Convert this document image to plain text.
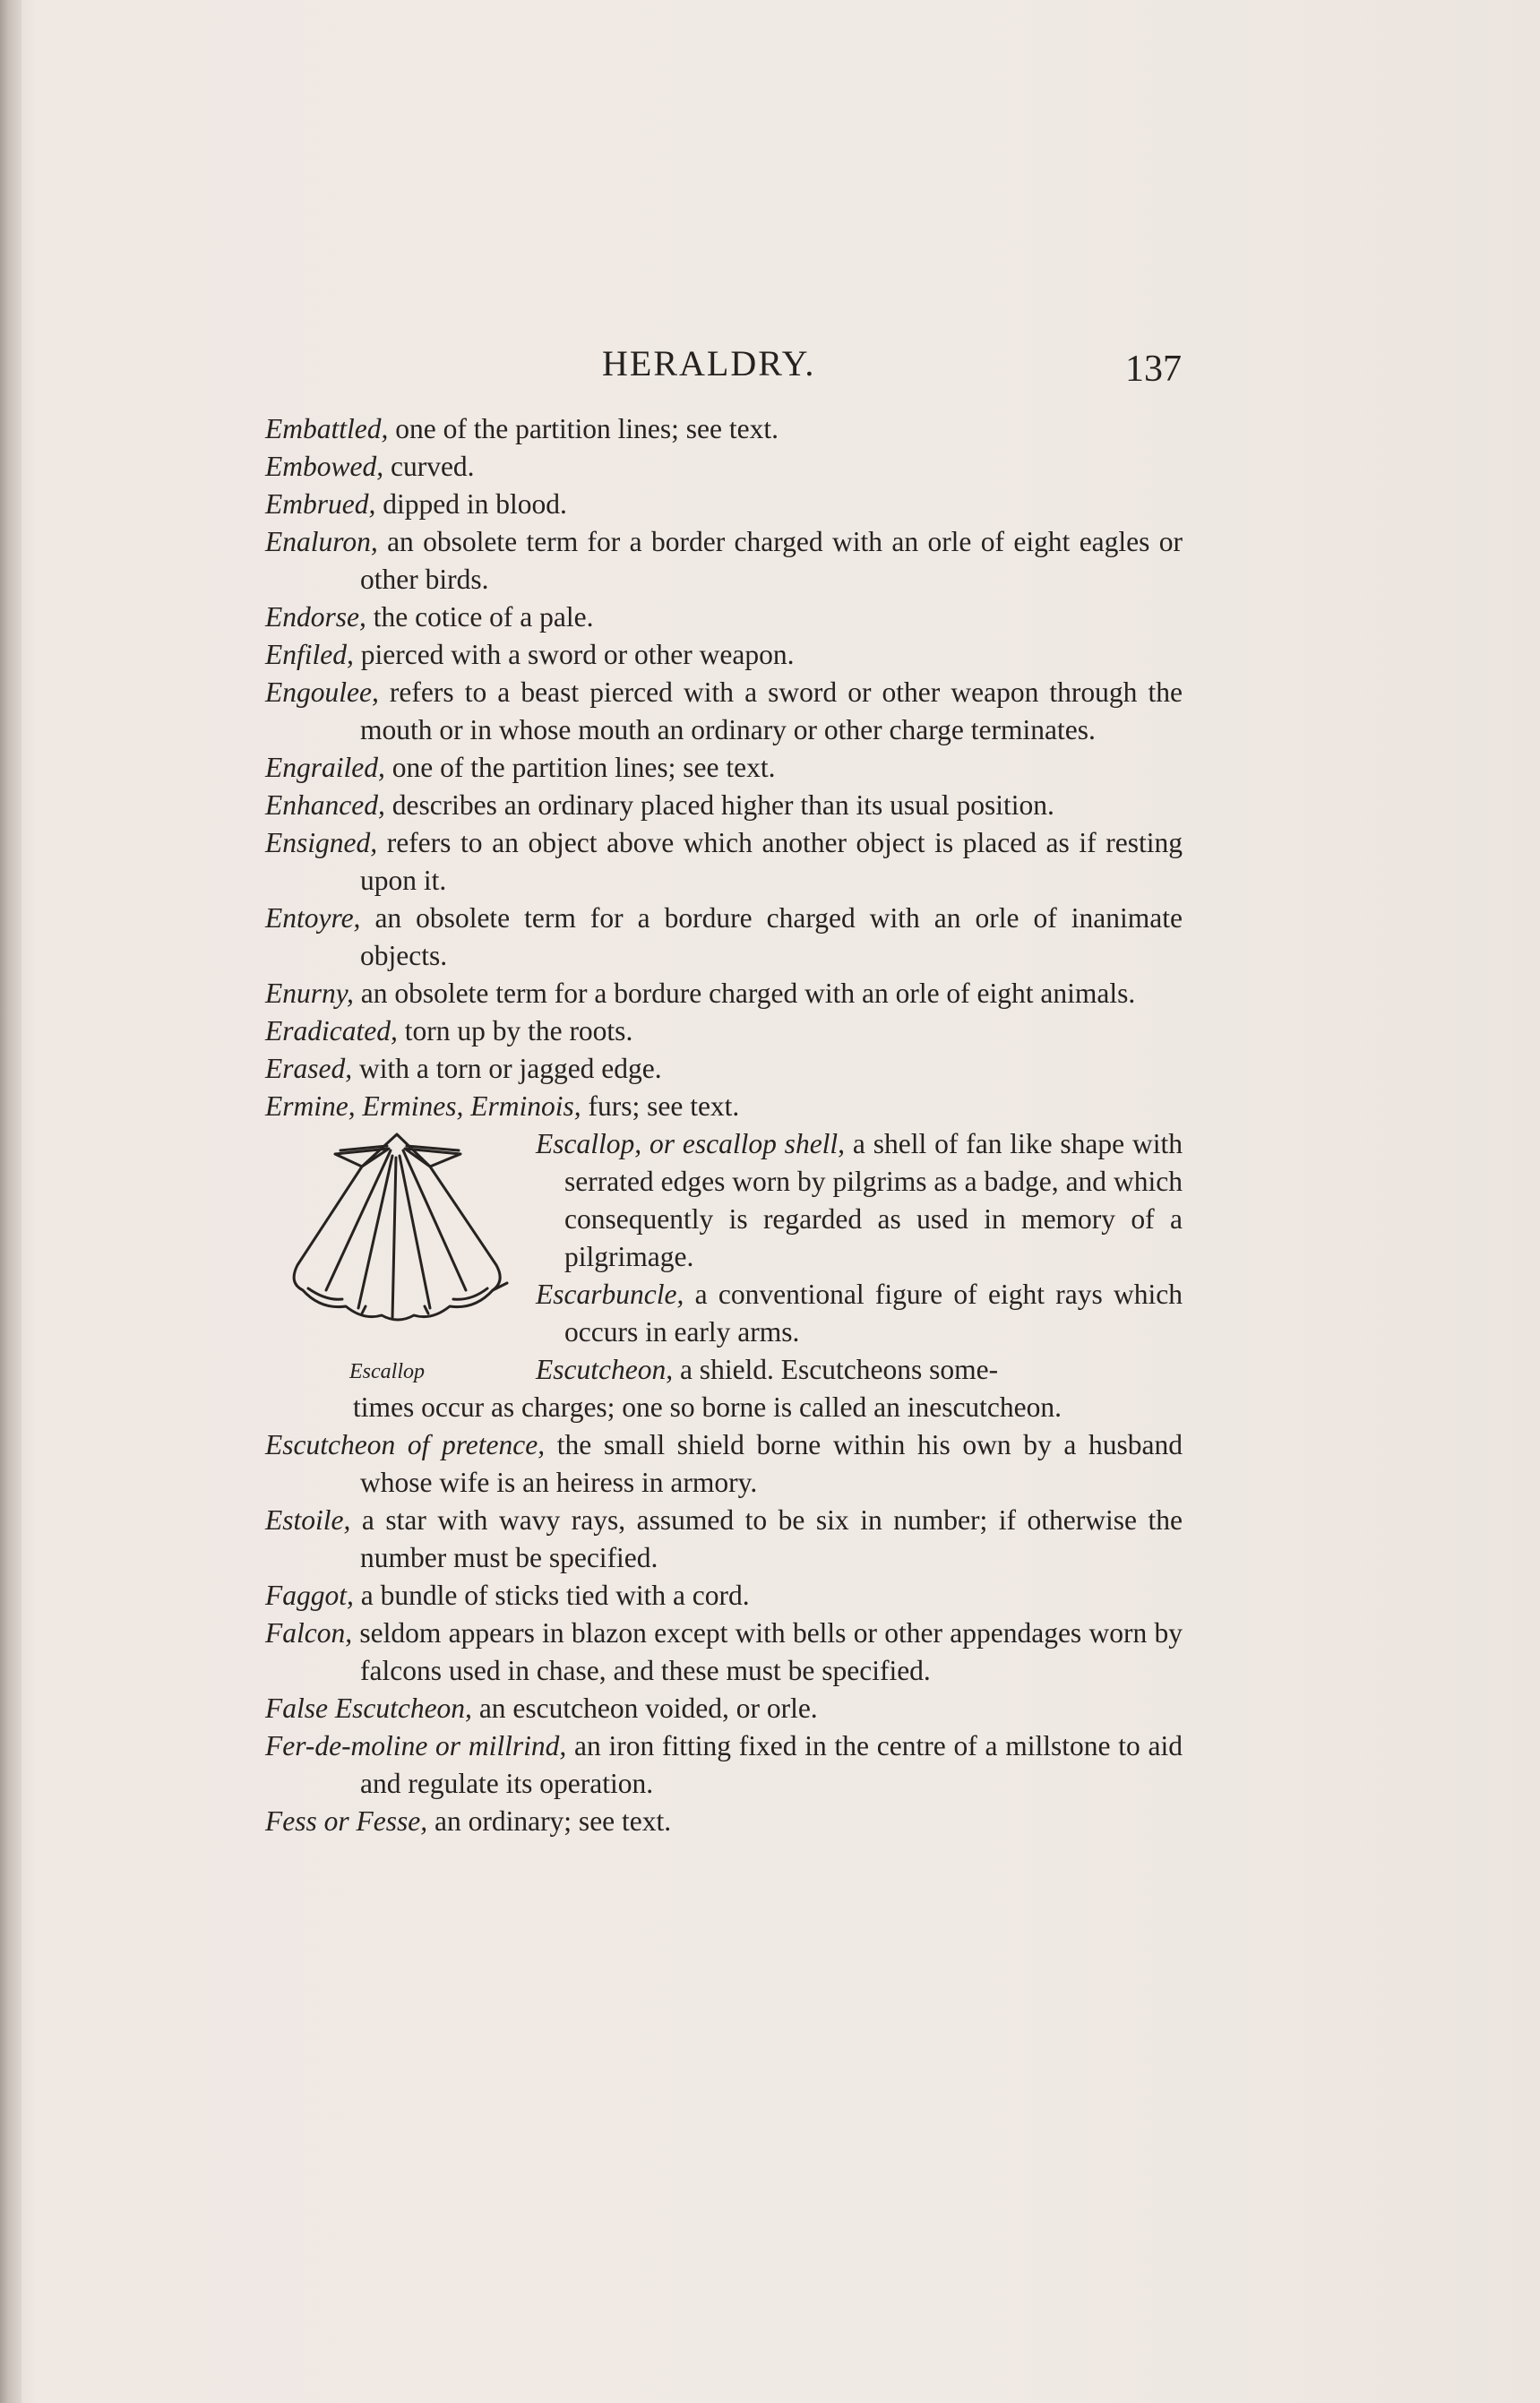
HERALDRY.	137

Embattled, one of the partition lines; see text.

Embowed, curved.

Embrued, dipped in blood.

Enaluron, an obsolete term for a border charged with an orle of eight eagles or other birds.

Endorse, the cotice of a pale.

Enfiled, pierced with a sword or other weapon.

Engoulee, refers to a beast pierced with a sword or other weapon through the mouth or in whose mouth an ordinary or other charge terminates.

Engrailed, one of the partition lines; see text.

Enhanced, describes an ordinary placed higher than its usual position.

Ensigned, refers to an object above which another object is placed as if resting upon it.

Entoyre, an obsolete term for a bordure charged with an orle of inanimate objects.

Enurny, an obsolete term for a bordure charged with an orle of eight animals.

Eradicated, torn up by the roots.

Erased, with a torn or jagged edge.

Ermine, Ermines, Erminois, furs; see text.

Escallop

Escallop, or escallop shell, a shell of fan like shape with serrated edges worn by pilgrims as a badge, and which consequently is regarded as used in memory of a pilgrimage.

Escarbuncle, a conventional figure of eight rays which occurs in early arms.

Escutcheon, a shield. Escutcheons some-

times occur as charges; one so borne is called an inescutcheon.

Escutcheon of pretence, the small shield borne within his own by a husband whose wife is an heiress in armory.

Estoile, a star with wavy rays, assumed to be six in number; if otherwise the number must be specified.

Faggot, a bundle of sticks tied with a cord.

Falcon, seldom appears in blazon except with bells or other appendages worn by falcons used in chase, and these must be specified.

False Escutcheon, an escutcheon voided, or orle.

Fer-de-moline or millrind, an iron fitting fixed in the centre of a millstone to aid and regulate its operation.

Fess or Fesse, an ordinary; see text.
